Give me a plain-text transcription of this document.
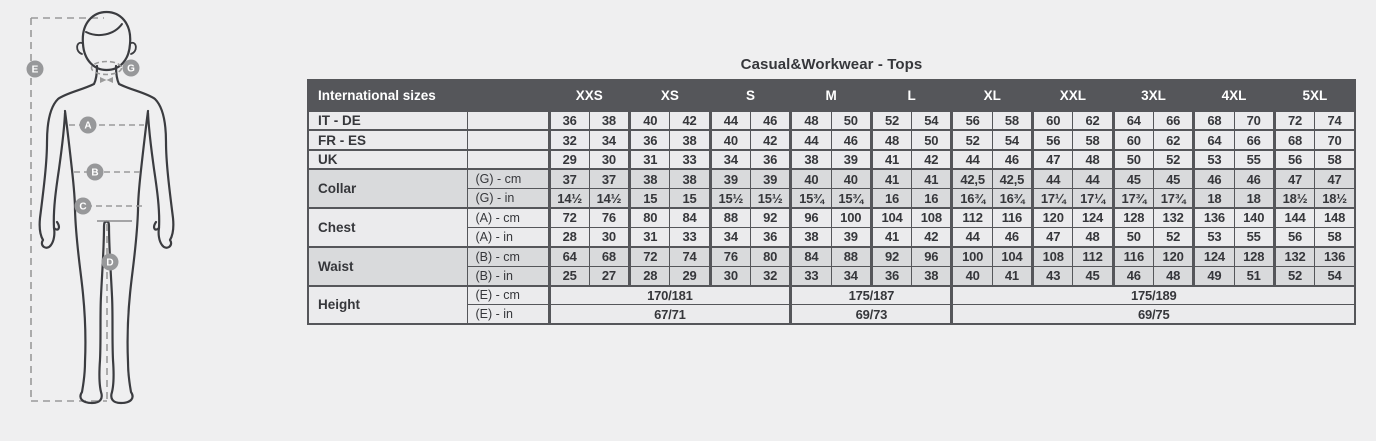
E	G
A
B
C
D
Casual&Workwear - Tops
International sizes		XXS		XS		S		M		L		XL		XXL		3XL		4XL		5XL	
IT - DE		36	38	40	42	44	46	48	50	52	54	56	58	60	62	64	66	68	70	72	74
FR - ES		32	34	36	38	40	42	44	46	48	50	52	54	56	58	60	62	64	66	68	70
UK		29	30	31	33	34	36	38	39	41	42	44	46	47	48	50	52	53	55	56	58
Collar	(G) - cm	37	37	38	38	39	39	40	40	41	41	42,5	42,5	44	44	45	45	46	46	47	47
	(G) - in	14½	14½	15	15	15½	15½	15¾	15¾	16	16	16¾	16¾	17¼	17¼	17¾	17¾	18	18	18½	18½
Chest	(A) - cm	72	76	80	84	88	92	96	100	104	108	112	116	120	124	128	132	136	140	144	148
	(A) - in	28	30	31	33	34	36	38	39	41	42	44	46	47	48	50	52	53	55	56	58
Waist	(B) - cm	64	68	72	74	76	80	84	88	92	96	100	104	108	112	116	120	124	128	132	136
	(B) - in	25	27	28	29	30	32	33	34	36	38	40	41	43	45	46	48	49	51	52	54
Height	(E) - cm	170/181						175/187				175/189									
	(E) - in	67/71						69/73				69/75									
